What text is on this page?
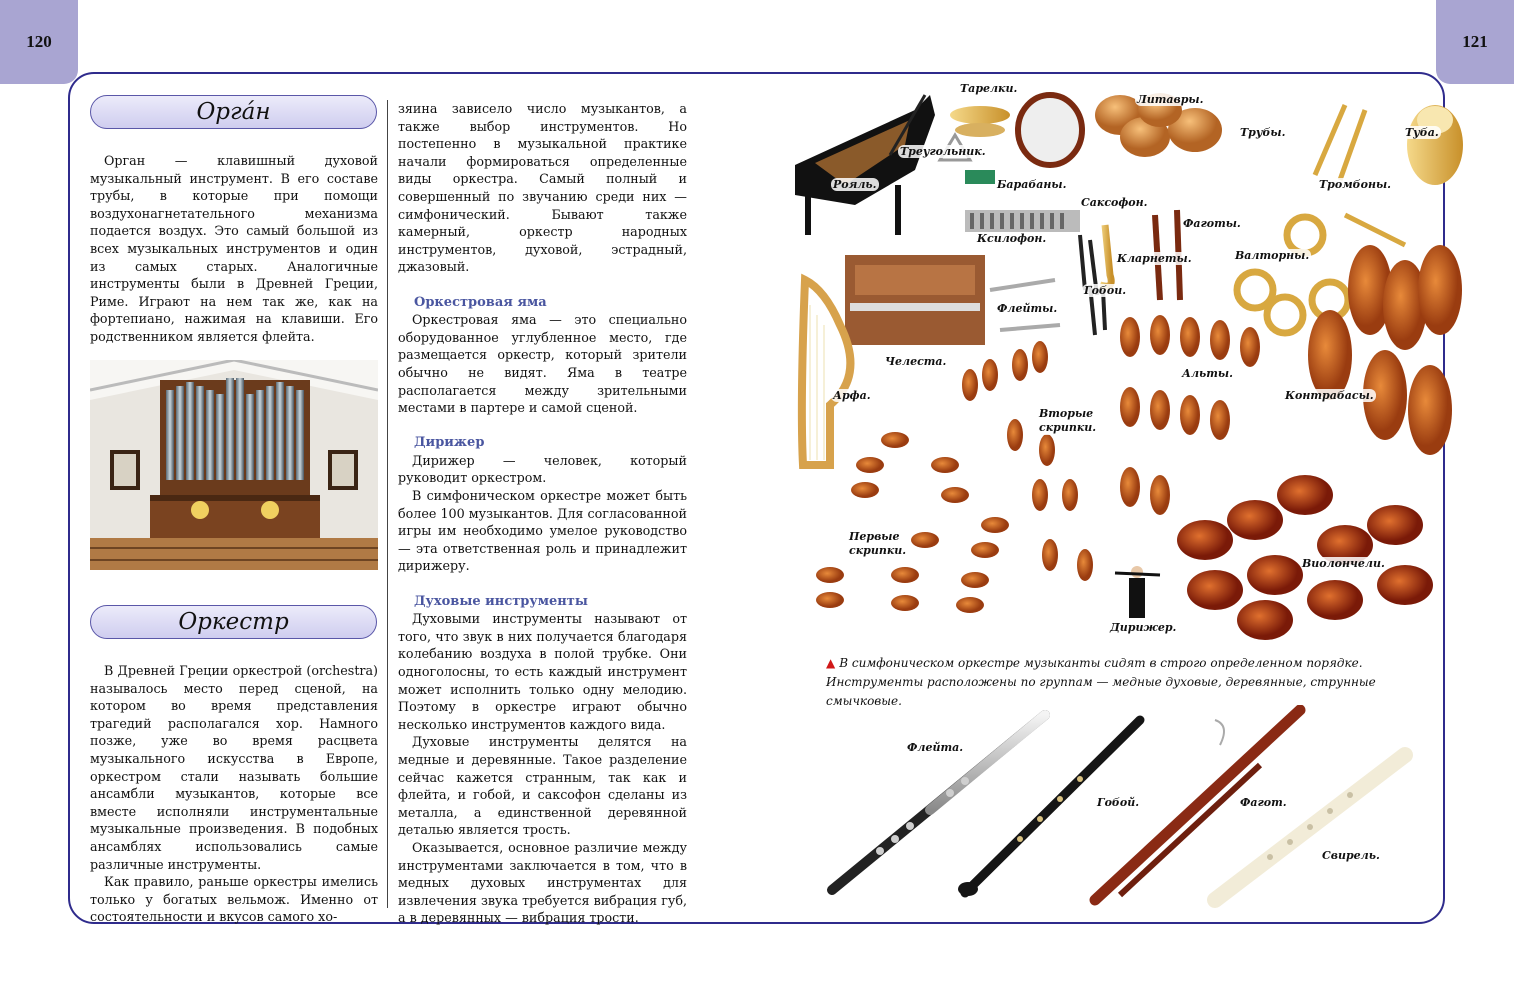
120	121
Орга́н

Орган — клавишный духовой музыкальный инструмент. В его составе трубы, в которые при помощи воздухонагнетательного механизма подается воздух. Это самый большой из всех музыкальных инструментов и один из самых старых. Аналогичные инструменты были в Древней Греции, Риме. Играют на нем так же, как на фортепиано, нажимая на клавиши. Его родственником является флейта.

Оркестр

В Древней Греции оркестрой (orchestra) называлось место перед сценой, на котором во время представления трагедий располагался хор. Намного позже, уже во время расцвета музыкального искусства в Европе, оркестром стали называть большие ансамбли музыкантов, которые все вместе исполняли инструментальные музыкальные произведения. В подобных ансамблях использовались самые различные инструменты.

Как правило, раньше оркестры имелись только у богатых вельмож. Именно от состоятельности и вкусов самого хо-

зяина зависело число музыкантов, а также выбор инструментов. Но постепенно в музыкальной практике начали формироваться определенные виды оркестра. Самый полный и совершенный по звучанию среди них — симфонический. Бывают также камерный, оркестр народных инструментов, духовой, эстрадный, джазовый.

Оркестровая яма

Оркестровая яма — это специально оборудованное углубленное место, где размещается оркестр, который зрители обычно не видят. Яма в театре располагается между зрительными местами в партере и самой сценой.

Дирижер

Дирижер — человек, который руководит оркестром.

В симфоническом оркестре может быть более 100 музыкантов. Для согласованной игры им необходимо умелое руководство — эта ответственная роль и принадлежит дирижеру.

Духовые инструменты

Духовыми инструменты называют от того, что звук в них получается благодаря колебанию воздуха в полой трубке. Они одноголосны, то есть каждый инструмент может исполнить только одну мелодию. Поэтому в оркестре играют обычно несколько инструментов каждого вида.

Духовые инструменты делятся на медные и деревянные. Такое разделение сейчас кажется странным, так как и флейта, и гобой, и саксофон сделаны из металла, а единственной деревянной деталью является трость.

Оказывается, основное различие между инструментами заключается в том, что в медных духовых инструментах для извлечения звука требуется вибрация губ, а в деревянных — вибрация трости.

Тарелки.
Литавры.
Трубы.	Туба.
Треугольник.
Рояль.	Барабаны.	Тромбоны.
Саксофон.
Фаготы.
Ксилофон.
Кларнеты.	Валторны.
Гобои.
Флейты.
Челеста.
Альты.
Арфа.	Контрабасы.
Вторые скрипки.
Первые скрипки.
Виолончели.
Дирижер.
▲ В симфоническом оркестре музыканты сидят в строго определенном порядке. Инструменты расположены по группам — медные духовые, деревянные, струнные смычковые.
Флейта.
Гобой.	Фагот.
Свирель.
